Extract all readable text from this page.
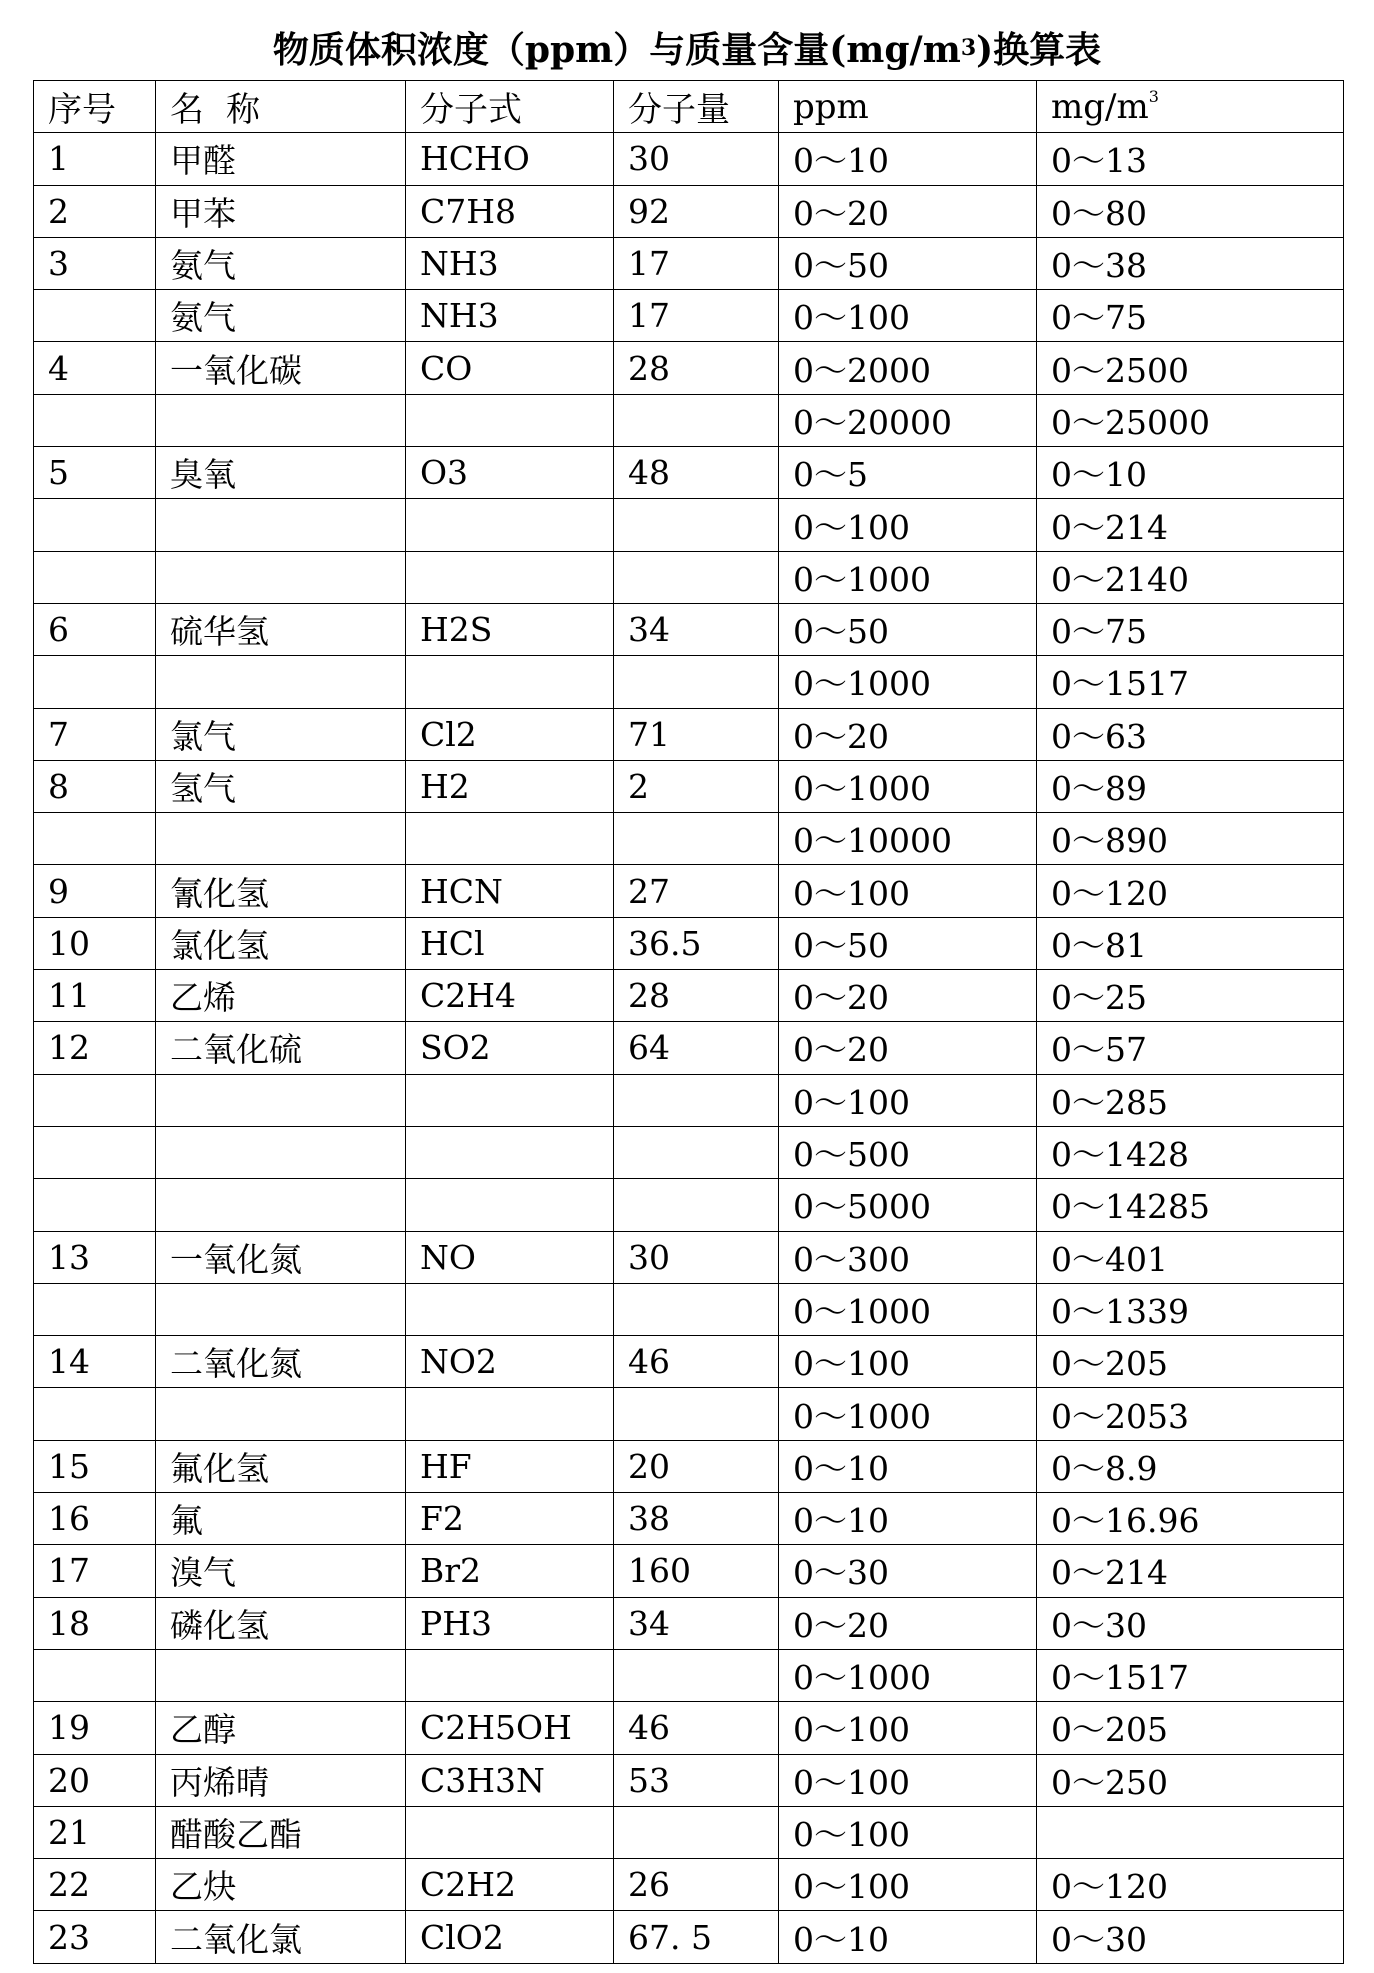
物质体积浓度（ppm）与质量含量$(mg/m^3)$换算表
序号	名称	分子式	分子量	ppm	$mg/m^3$
1	甲醛	HCHO	30	0～10	0～13
2	甲苯	C7H8	92	0～20	0～80
3	氨气	NH3	17	0～50	0～38
	氨气	NH3	17	0～100	0～75
4	一氧化碳	CO	28	0～2000	0～2500
				0～20000	0～25000
5	臭氧	O3	48	0～5	0～10
				0～100	0～214
				0～1000	0～2140
6	硫华氢	H2S	34	0～50	0～75
				0～1000	0～1517
7	氯气	Cl2	71	0～20	0～63
8	氢气	H2	2	0～1000	0～89
				0～10000	0～890
9	氰化氢	HCN	27	0～100	0～120
10	氯化氢	HCl	36.5	0～50	0～81
11	乙烯	C2H4	28	0～20	0～25
12	二氧化硫	SO2	64	0～20	0～57
				0～100	0～285
				0～500	0～1428
				0～5000	0～14285
13	一氧化氮	NO	30	0～300	0～401
				0～1000	0～1339
14	二氧化氮	NO2	46	0～100	0～205
				0～1000	0～2053
15	氟化氢	HF	20	0～10	0～8.9
16	氟	F2	38	0～10	0～16.96
17	溴气	Br2	160	0～30	0～214
18	磷化氢	PH3	34	0～20	0～30
				0～1000	0～1517
19	乙醇	C2H5OH	46	0～100	0～205
20	丙烯晴	C3H3N	53	0～100	0～250
21	醋酸乙酯			0～100	
22	乙炔	C2H2	26	0～100	0～120
23	二氧化氯	ClO2	67. 5	0～10	0～30
